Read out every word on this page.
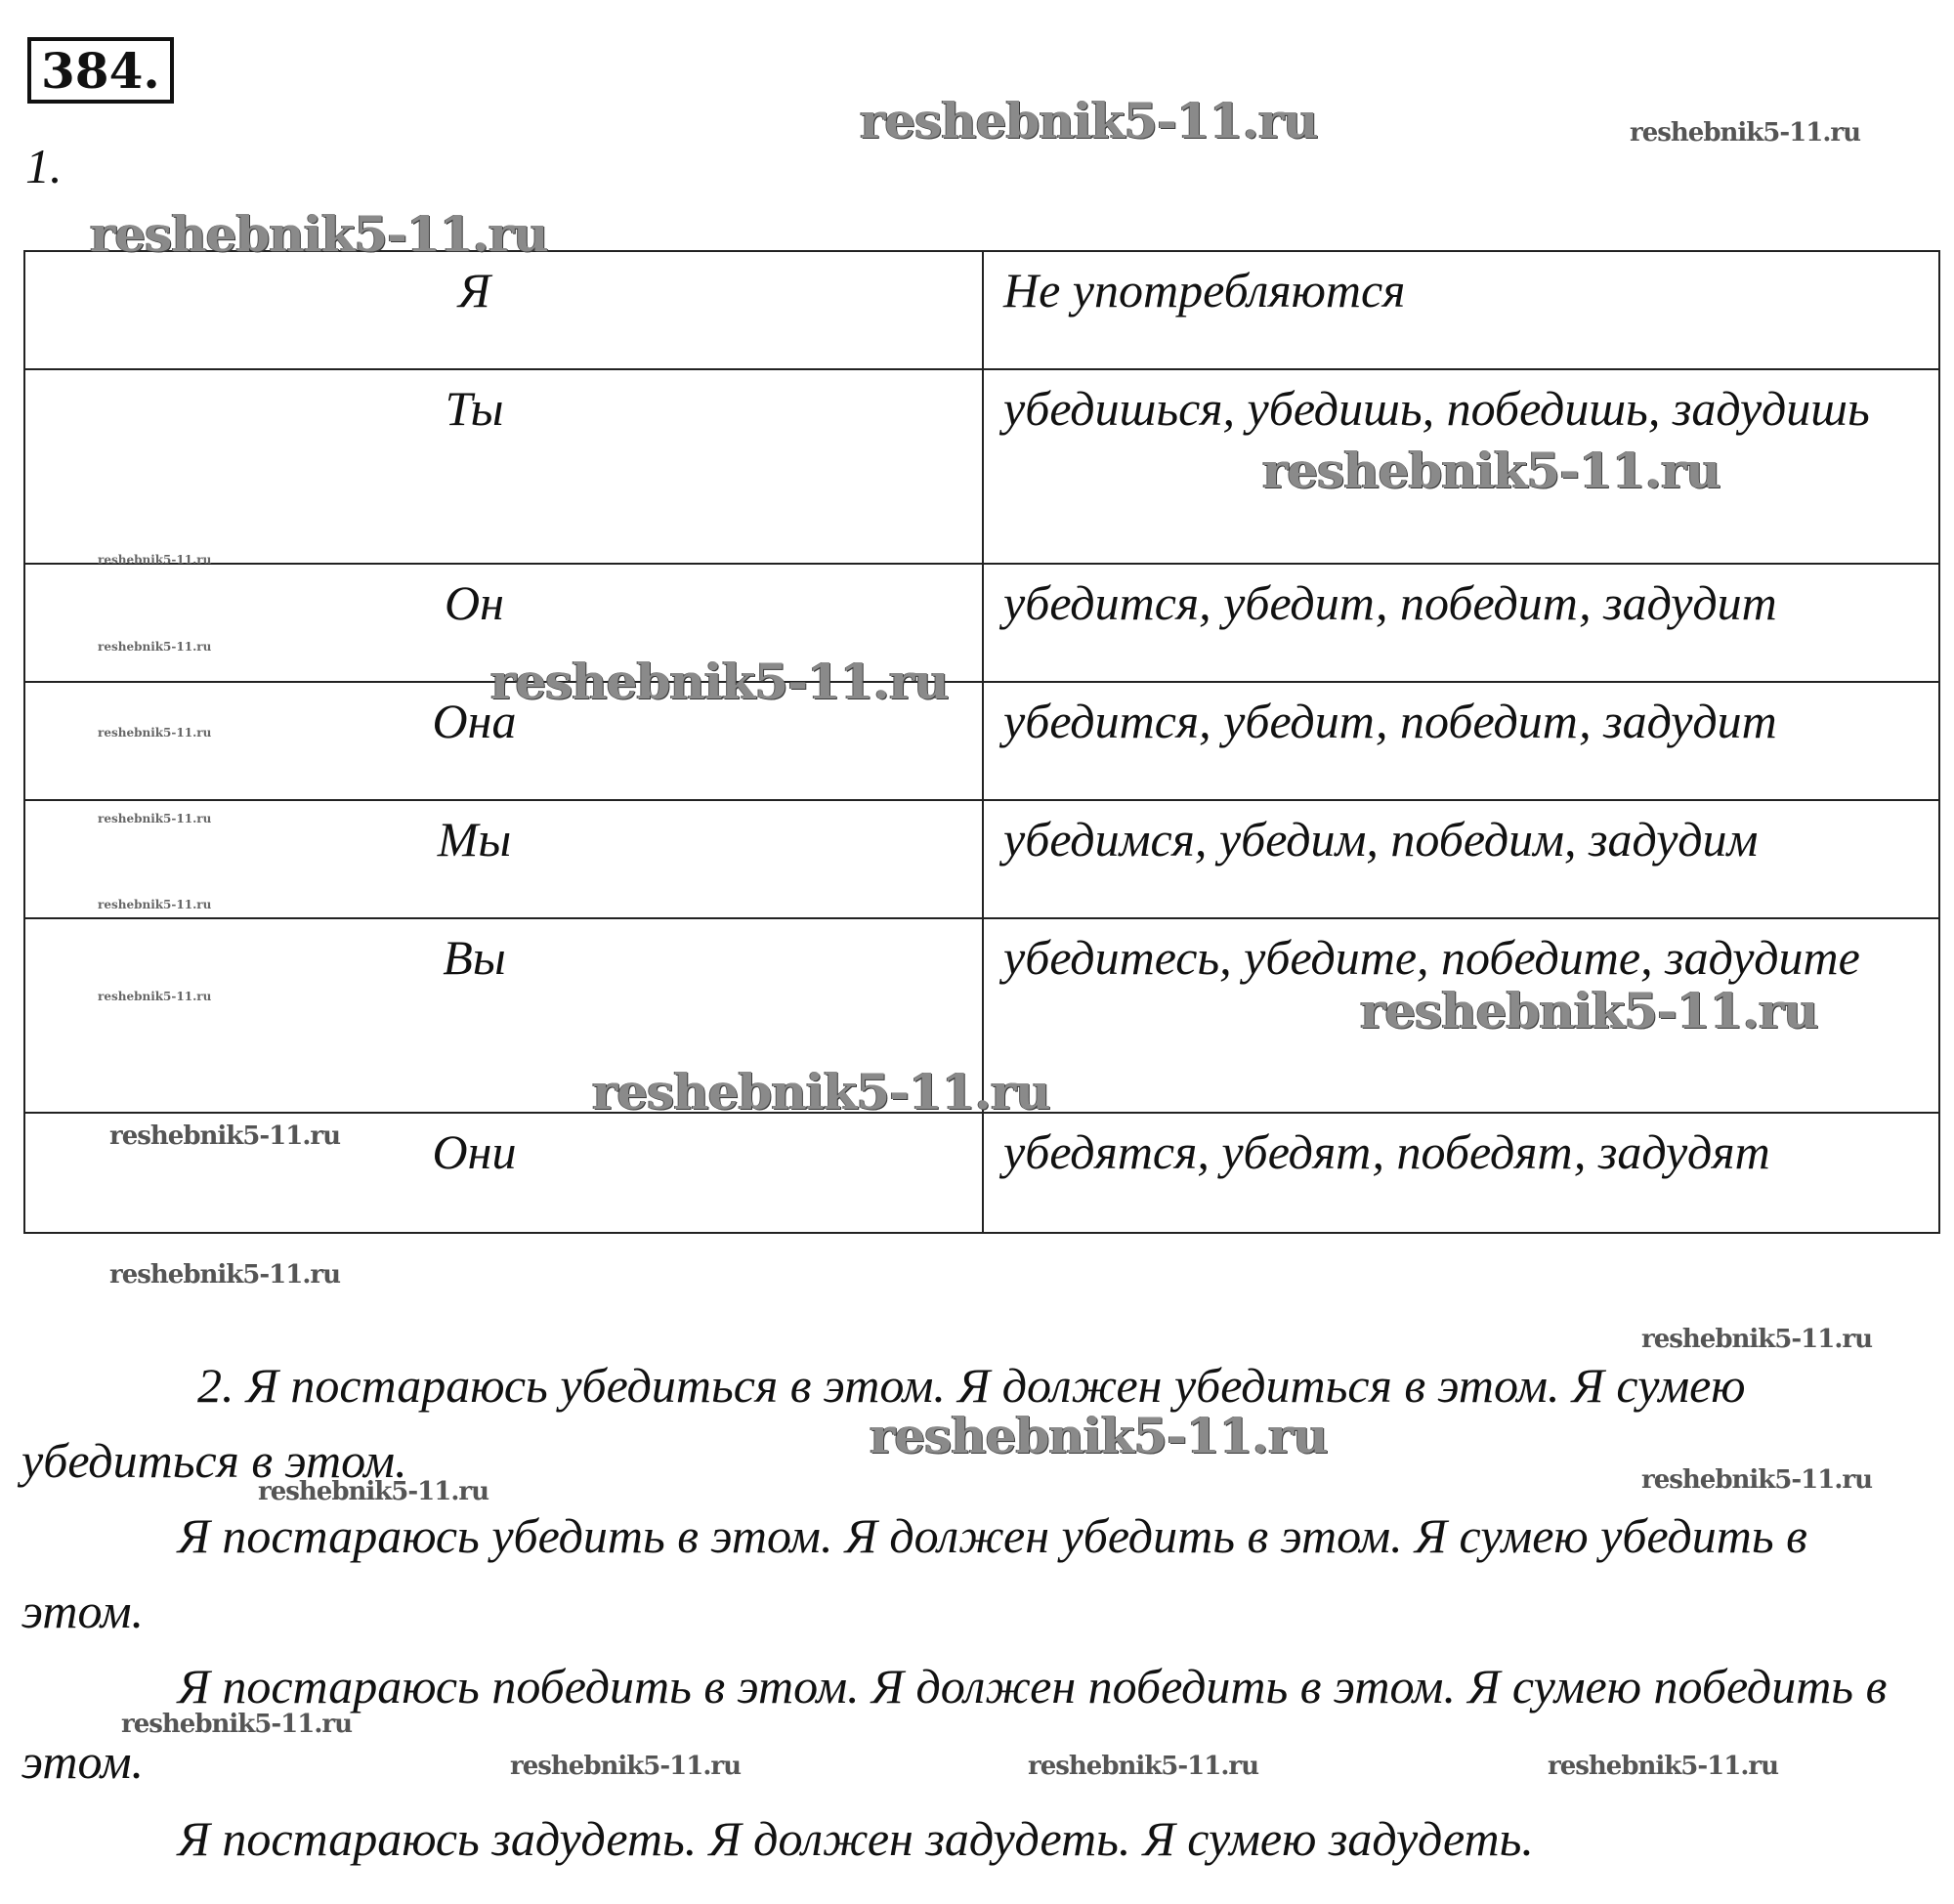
384.
1.
Я	Не употребляются
Ты	убедишься, убедишь, победишь, задудишь
Он	убедится, убедит, победит, задудит
Она	убедится, убедит, победит, задудит
Мы	убедимся, убедим, победим, задудим
Вы	убедитесь, убедите, победите, задудите
Они	убедятся, убедят, победят, задудят

2. Я постараюсь убедиться в этом. Я должен убедиться в этом. Я сумею убедиться в этом.

Я постараюсь убедить в этом. Я должен убедить в этом. Я сумею убедить в этом.

Я постараюсь победить в этом. Я должен победить в этом. Я сумею победить в этом.

Я постараюсь задудеть. Я должен задудеть. Я сумею задудеть.

reshebnik5-11.ru	reshebnik5-11.ru
reshebnik5-11.ru
reshebnik5-11.ru
reshebnik5-11.ru
reshebnik5-11.ru
reshebnik5-11.ru
reshebnik5-11.ru
reshebnik5-11.ru
reshebnik5-11.ru
reshebnik5-11.ru	reshebnik5-11.ru
reshebnik5-11.ru
reshebnik5-11.ru
reshebnik5-11.ru
reshebnik5-11.ru
reshebnik5-11.ru
reshebnik5-11.ru
reshebnik5-11.ru
reshebnik5-11.ru
reshebnik5-11.ru	reshebnik5-11.ru	reshebnik5-11.ru
